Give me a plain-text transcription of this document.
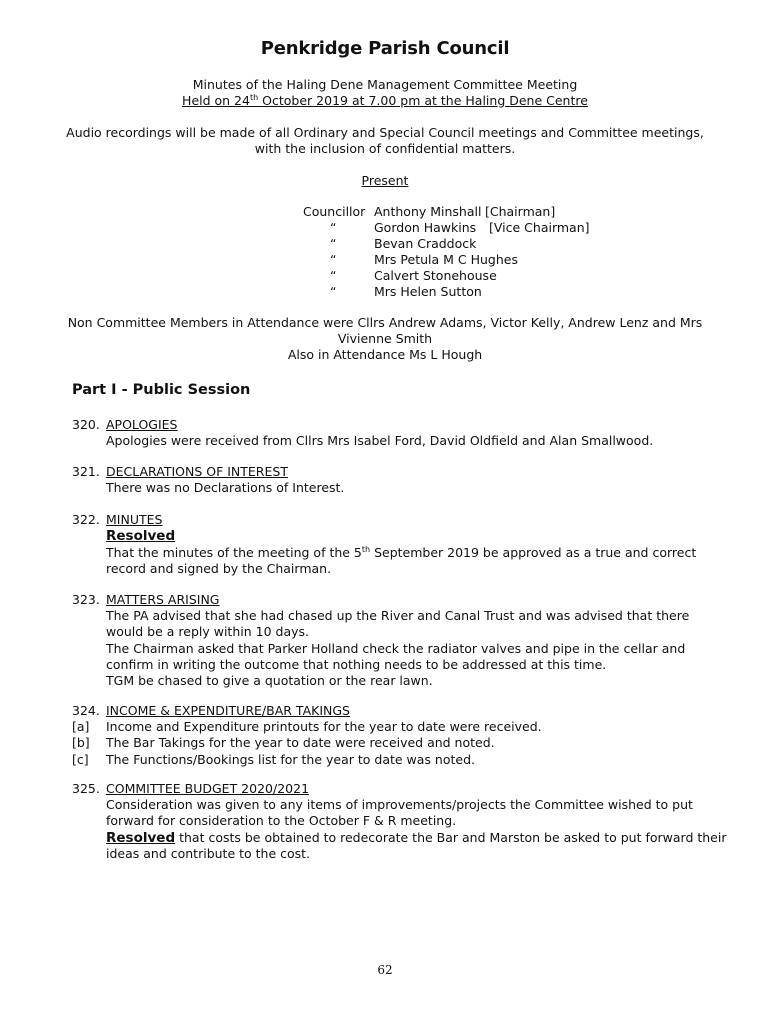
Penkridge Parish Council
Minutes of the Haling Dene Management Committee Meeting
Held on 24th October 2019 at 7.00 pm at the Haling Dene Centre
Audio recordings will be made of all Ordinary and Special Council meetings and Committee meetings,
with the inclusion of confidential matters.
Present
Councillor Anthony Minshall [Chairman]
“	Gordon Hawkins [Vice Chairman]
“	Bevan Craddock
“	Mrs Petula M C Hughes
“	Calvert Stonehouse
“	Mrs Helen Sutton
Non Committee Members in Attendance were Cllrs Andrew Adams, Victor Kelly, Andrew Lenz and Mrs
Vivienne Smith
Also in Attendance Ms L Hough
Part I - Public Session
320. APOLOGIES
Apologies were received from Cllrs Mrs Isabel Ford, David Oldfield and Alan Smallwood.
321. DECLARATIONS OF INTEREST
There was no Declarations of Interest.
322. MINUTES
Resolved
That the minutes of the meeting of the 5th September 2019 be approved as a true and correct
record and signed by the Chairman.
323. MATTERS ARISING
The PA advised that she had chased up the River and Canal Trust and was advised that there
would be a reply within 10 days.
The Chairman asked that Parker Holland check the radiator valves and pipe in the cellar and
confirm in writing the outcome that nothing needs to be addressed at this time.
TGM be chased to give a quotation or the rear lawn.
324. INCOME & EXPENDITURE/BAR TAKINGS
Income and Expenditure printouts for the year to date were received.
The Bar Takings for the year to date were received and noted.
The Functions/Bookings list for the year to date was noted.
[a]
[b]
[c]
325. COMMITTEE BUDGET 2020/2021
Consideration was given to any items of improvements/projects the Committee wished to put
forward for consideration to the October F & R meeting.
Resolved that costs be obtained to redecorate the Bar and Marston be asked to put forward their
ideas and contribute to the cost.
62
